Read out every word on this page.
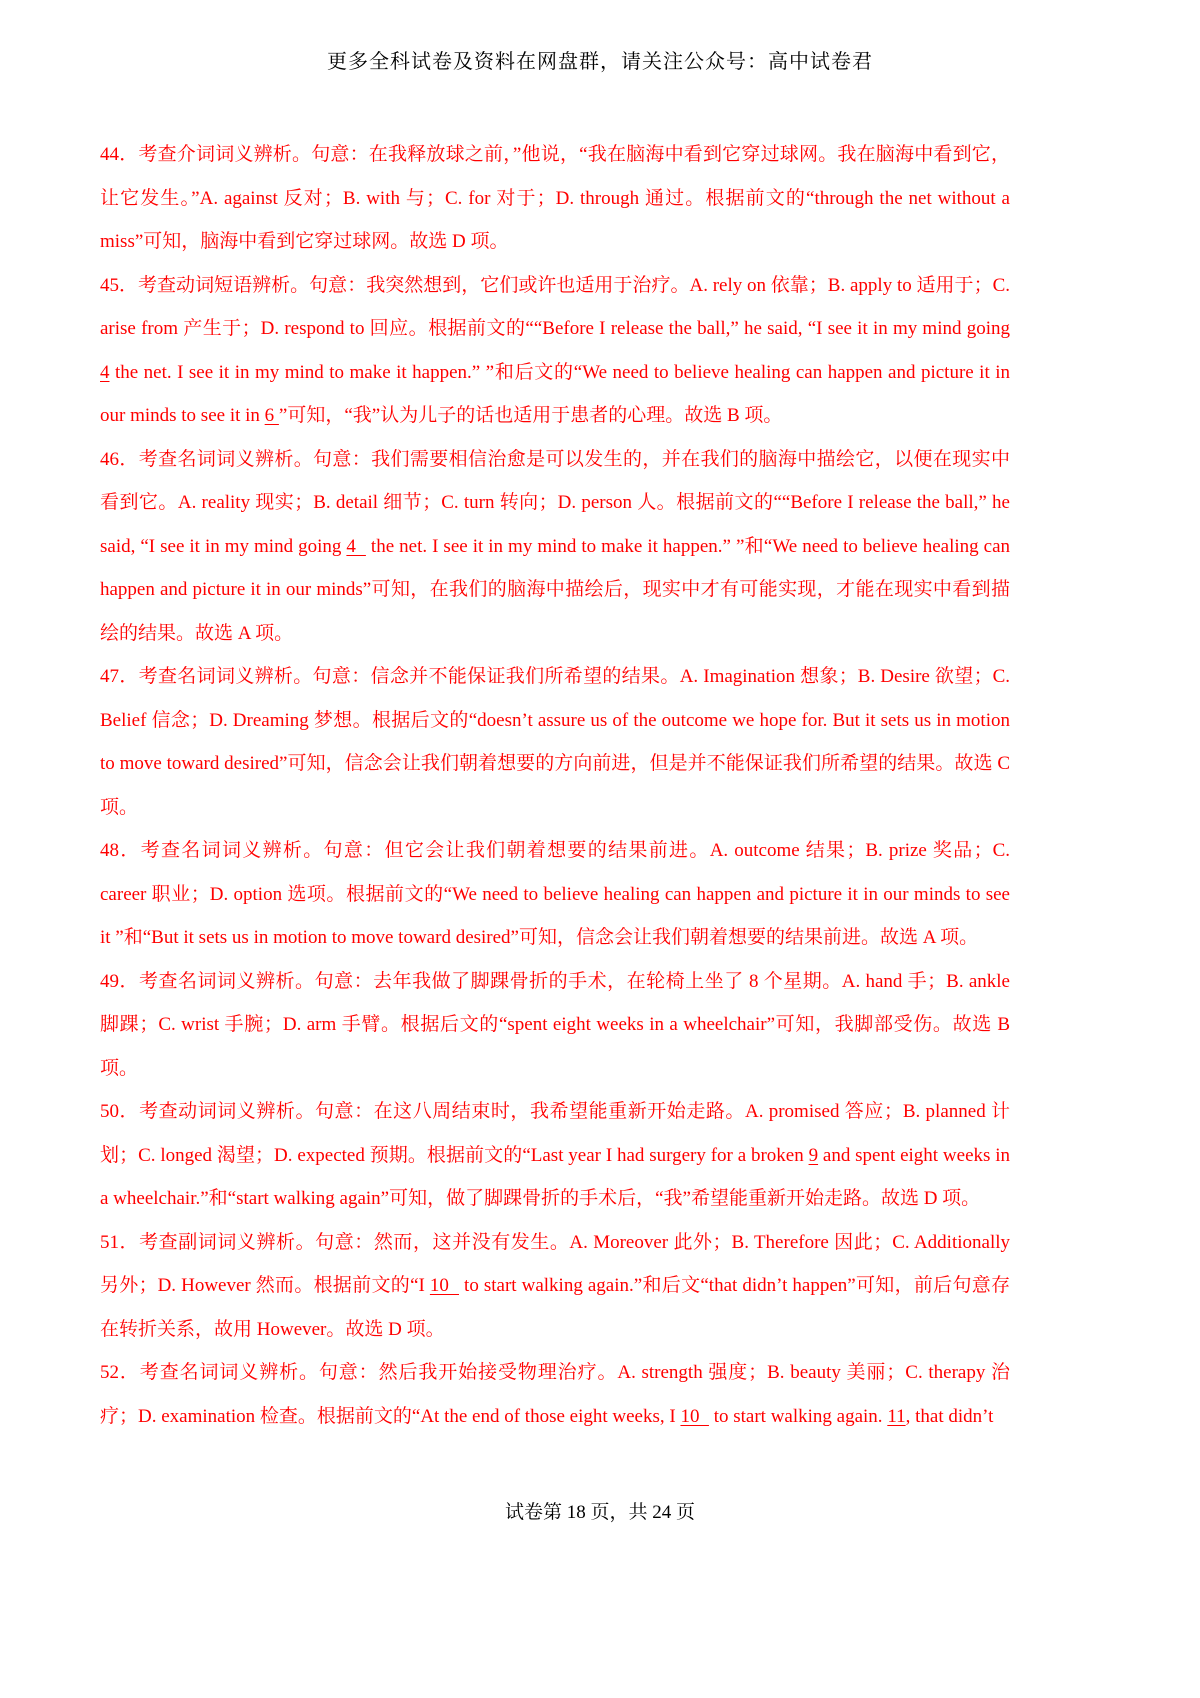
更多全科试卷及资料在网盘群，请关注公众号：高中试卷君

44．考查介词词义辨析。句意：在我释放球之前，”他说，“我在脑海中看到它穿过球网。我在脑海中看到它，让它发生。”A. against 反对；B. with 与；C. for 对于；D. through 通过。根据前文的“through the net without a miss”可知，脑海中看到它穿过球网。故选 D 项。

45．考查动词短语辨析。句意：我突然想到，它们或许也适用于治疗。A. rely on 依靠；B. apply to 适用于；C. arise from 产生于；D. respond to 回应。根据前文的““Before I release the ball,” he said, “I see it in my mind going 4 the net. I see it in my mind to make it happen.” ”和后文的“We need to believe healing can happen and picture it in our minds to see it in 6 ”可知，“我”认为儿子的话也适用于患者的心理。故选 B 项。

46．考查名词词义辨析。句意：我们需要相信治愈是可以发生的，并在我们的脑海中描绘它，以便在现实中看到它。A. reality 现实；B. detail 细节；C. turn 转向；D. person 人。根据前文的““Before I release the ball,” he said, “I see it in my mind going 4   the net. I see it in my mind to make it happen.” ”和“We need to believe healing can happen and picture it in our minds”可知，在我们的脑海中描绘后，现实中才有可能实现，才能在现实中看到描绘的结果。故选 A 项。

47．考查名词词义辨析。句意：信念并不能保证我们所希望的结果。A. Imagination 想象；B. Desire 欲望；C. Belief 信念；D. Dreaming 梦想。根据后文的“doesn’t assure us of the outcome we hope for. But it sets us in motion to move toward desired”可知，信念会让我们朝着想要的方向前进，但是并不能保证我们所希望的结果。故选 C 项。

48．考查名词词义辨析。句意：但它会让我们朝着想要的结果前进。A. outcome 结果；B. prize 奖品；C. career 职业；D. option 选项。根据前文的“We need to believe healing can happen and picture it in our minds to see it ”和“But it sets us in motion to move toward desired”可知，信念会让我们朝着想要的结果前进。故选 A 项。

49．考查名词词义辨析。句意：去年我做了脚踝骨折的手术，在轮椅上坐了 8 个星期。A. hand 手；B. ankle 脚踝；C. wrist 手腕；D. arm 手臂。根据后文的“spent eight weeks in a wheelchair”可知，我脚部受伤。故选 B 项。

50．考查动词词义辨析。句意：在这八周结束时，我希望能重新开始走路。A. promised 答应；B. planned 计划；C. longed 渴望；D. expected 预期。根据前文的“Last year I had surgery for a broken 9 and spent eight weeks in a wheelchair.”和“start walking again”可知，做了脚踝骨折的手术后，“我”希望能重新开始走路。故选 D 项。

51．考查副词词义辨析。句意：然而，这并没有发生。A. Moreover 此外；B. Therefore 因此；C. Additionally 另外；D. However 然而。根据前文的“I 10   to start walking again.”和后文“that didn’t happen”可知，前后句意存在转折关系，故用 However。故选 D 项。

52．考查名词词义辨析。句意：然后我开始接受物理治疗。A. strength 强度；B. beauty 美丽；C. therapy 治疗；D. examination 检查。根据前文的“At the end of those eight weeks, I 10   to start walking again. 11, that didn’t

试卷第 18 页，共 24 页
